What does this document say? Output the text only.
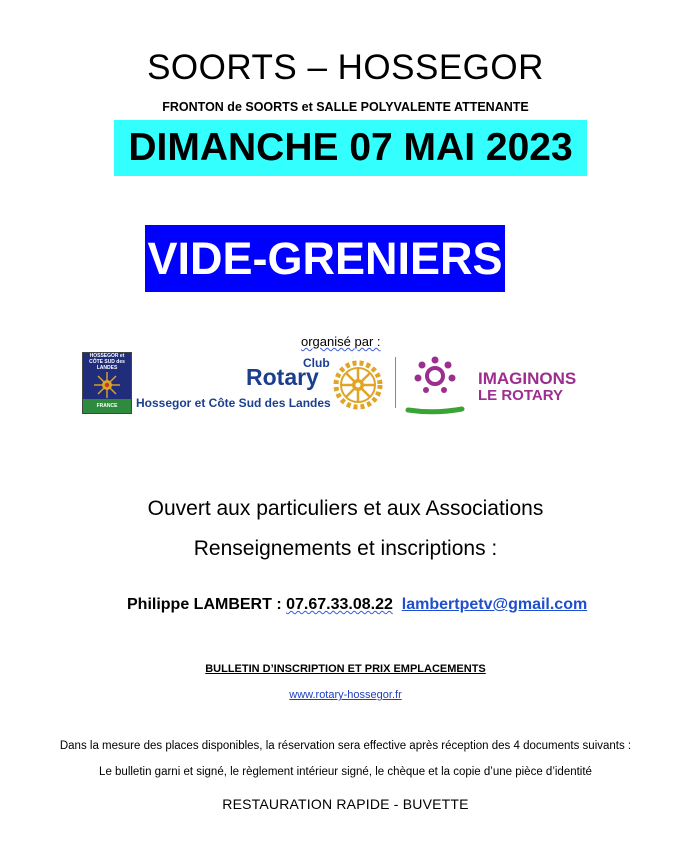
SOORTS – HOSSEGOR
FRONTON de SOORTS et SALLE POLYVALENTE ATTENANTE
DIMANCHE 07 MAI 2023
VIDE-GRENIERS
organisé par :
HOSSEGOR et CÔTE SUD des LANDES
FRANCE
Club
Rotary
Hossegor et Côte Sud des Landes
IMAGINONS
LE ROTARY
Ouvert aux particuliers et aux Associations
Renseignements et inscriptions :
Philippe LAMBERT : 07.67.33.08.22 lambertpetv@gmail.com
BULLETIN D’INSCRIPTION ET PRIX EMPLACEMENTS
www.rotary-hossegor.fr
Dans la mesure des places disponibles, la réservation sera effective après réception des 4 documents suivants :
Le bulletin garni et signé, le règlement intérieur signé, le chèque et la copie d’une pièce d’identité
RESTAURATION RAPIDE - BUVETTE
